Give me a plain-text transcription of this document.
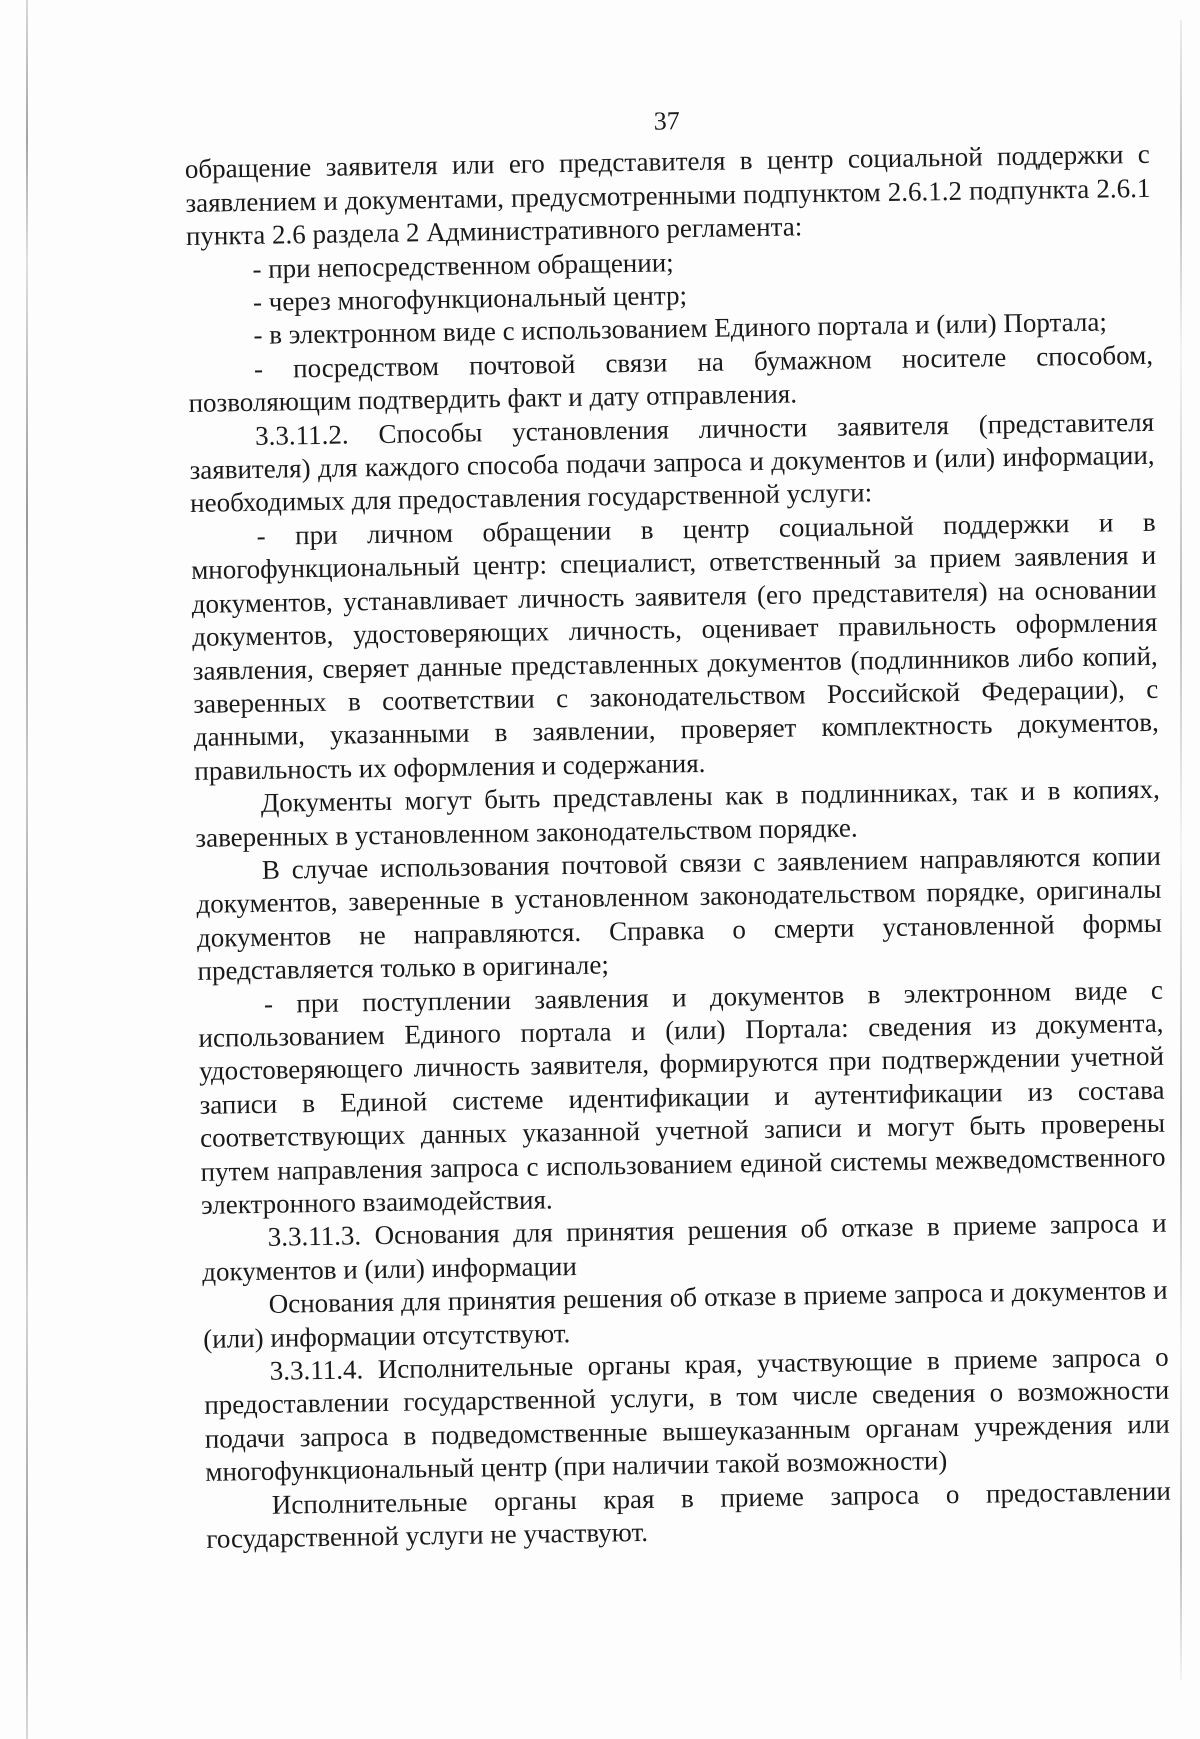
37

обращение заявителя или его представителя в центр социальной поддержки с заявлением и документами, предусмотренными подпунктом 2.6.1.2 подпункта 2.6.1 пункта 2.6 раздела 2 Административного регламента:

- при непосредственном обращении;

- через многофункциональный центр;

- в электронном виде с использованием Единого портала и (или) Портала;

- посредством почтовой связи на бумажном носителе способом, позволяющим подтвердить факт и дату отправления.

3.3.11.2. Способы установления личности заявителя (представителя заявителя) для каждого способа подачи запроса и документов и (или) информации, необходимых для предоставления государственной услуги:

- при личном обращении в центр социальной поддержки и в многофункциональный центр: специалист, ответственный за прием заявления и документов, устанавливает личность заявителя (его представителя) на основании документов, удостоверяющих личность, оценивает правильность оформления заявления, сверяет данные представленных документов (подлинников либо копий, заверенных в соответствии с законодательством Российской Федерации), с данными, указанными в заявлении, проверяет комплектность документов, правильность их оформления и содержания.

Документы могут быть представлены как в подлинниках, так и в копиях, заверенных в установленном законодательством порядке.

В случае использования почтовой связи с заявлением направляются копии документов, заверенные в установленном законодательством порядке, оригиналы документов не направляются. Справка о смерти установленной формы представляется только в оригинале;

- при поступлении заявления и документов в электронном виде с использованием Единого портала и (или) Портала: сведения из документа, удостоверяющего личность заявителя, формируются при подтверждении учетной записи в Единой системе идентификации и аутентификации из состава соответствующих данных указанной учетной записи и могут быть проверены путем направления запроса с использованием единой системы межведомственного электронного взаимодействия.

3.3.11.3. Основания для принятия решения об отказе в приеме запроса и документов и (или) информации

Основания для принятия решения об отказе в приеме запроса и документов и (или) информации отсутствуют.

3.3.11.4. Исполнительные органы края, участвующие в приеме запроса о предоставлении государственной услуги, в том числе сведения о возможности подачи запроса в подведомственные вышеуказанным органам учреждения или многофункциональный центр (при наличии такой возможности)

Исполнительные органы края в приеме запроса о предоставлении государственной услуги не участвуют.
